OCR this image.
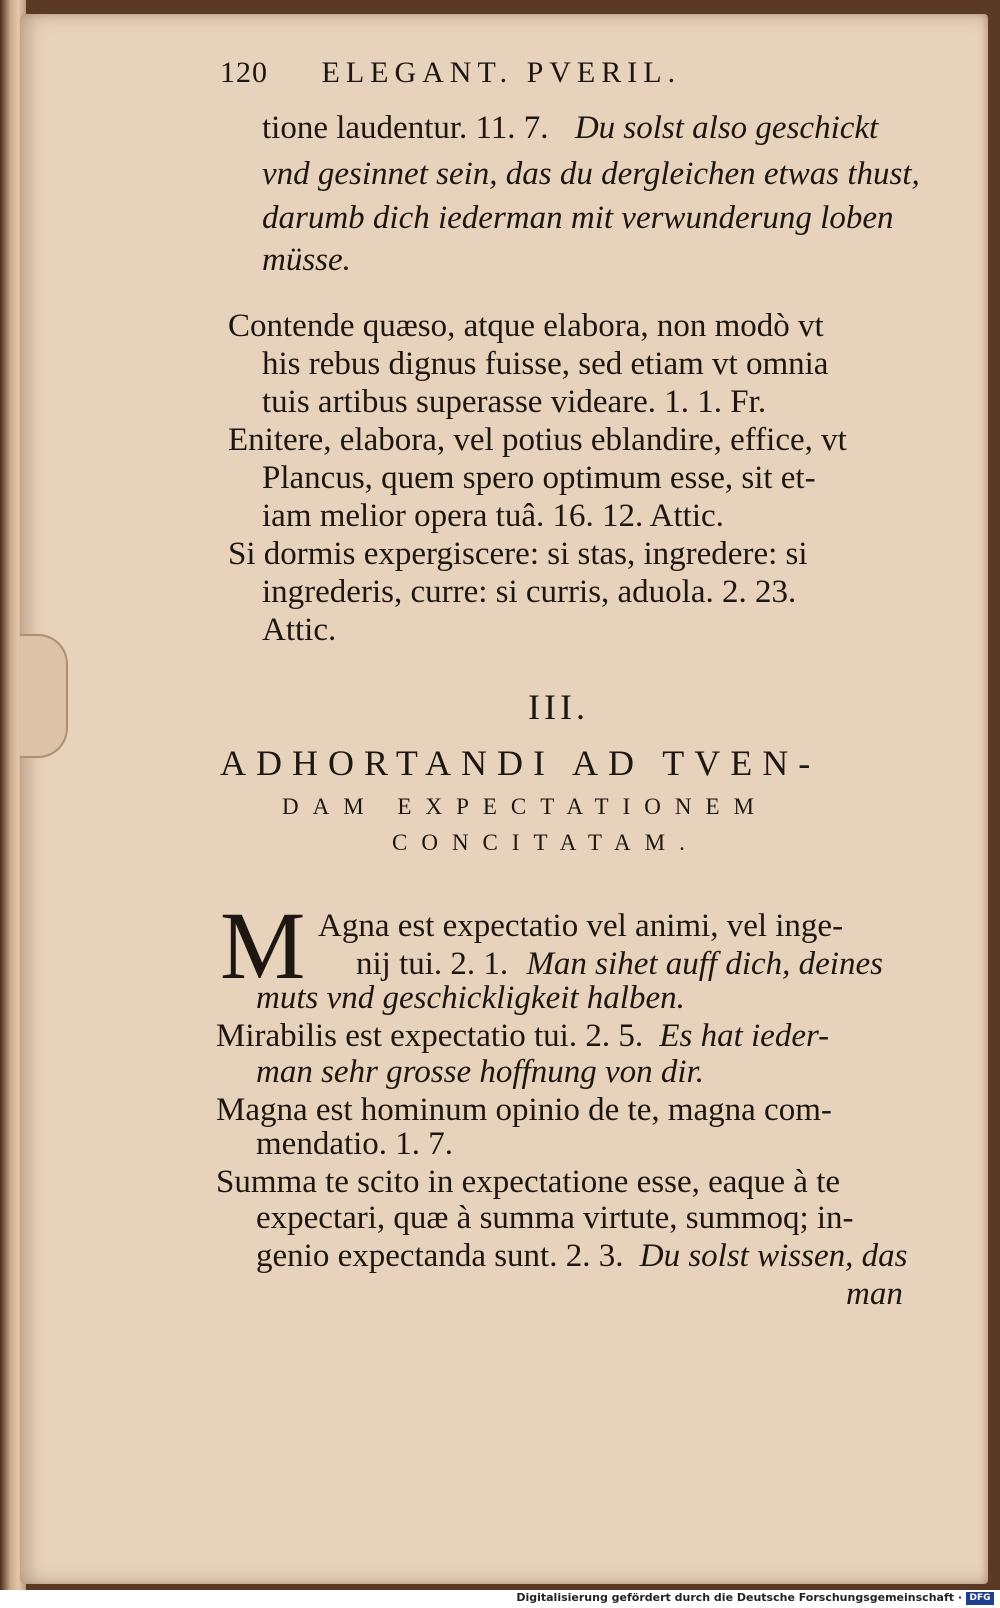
120 ELEGANT. PVERIL.
tione laudentur. 11. 7. Du solst also geschickt
vnd gesinnet sein, das du dergleichen etwas thust,
darumb dich iederman mit verwunderung loben
müsse.
Contende quæso, atque elabora, non modò vt
his rebus dignus fuisse, sed etiam vt omnia
tuis artibus superasse videare. 1. 1. Fr.
Enitere, elabora, vel potius eblandire, effice, vt
Plancus, quem spero optimum esse, sit et-
iam melior opera tuâ. 16. 12. Attic.
Si dormis expergiscere: si stas, ingredere: si
ingrederis, curre: si curris, aduola. 2. 23.
Attic.
III.
ADHORTANDI AD TVEN-
DAM EXPECTATIONEM
CONCITATAM.
M Agna est expectatio vel animi, vel inge-
nij tui. 2. 1. Man sihet auff dich, deines
muts vnd geschickligkeit halben.
Mirabilis est expectatio tui. 2. 5. Es hat ieder-
man sehr grosse hoffnung von dir.
Magna est hominum opinio de te, magna com-
mendatio. 1. 7.
Summa te scito in expectatione esse, eaque à te
expectari, quæ à summa virtute, summoq; in-
genio expectanda sunt. 2. 3. Du solst wissen, das
man
Digitalisierung gefördert durch die Deutsche Forschungsgemeinschaft · DFG
